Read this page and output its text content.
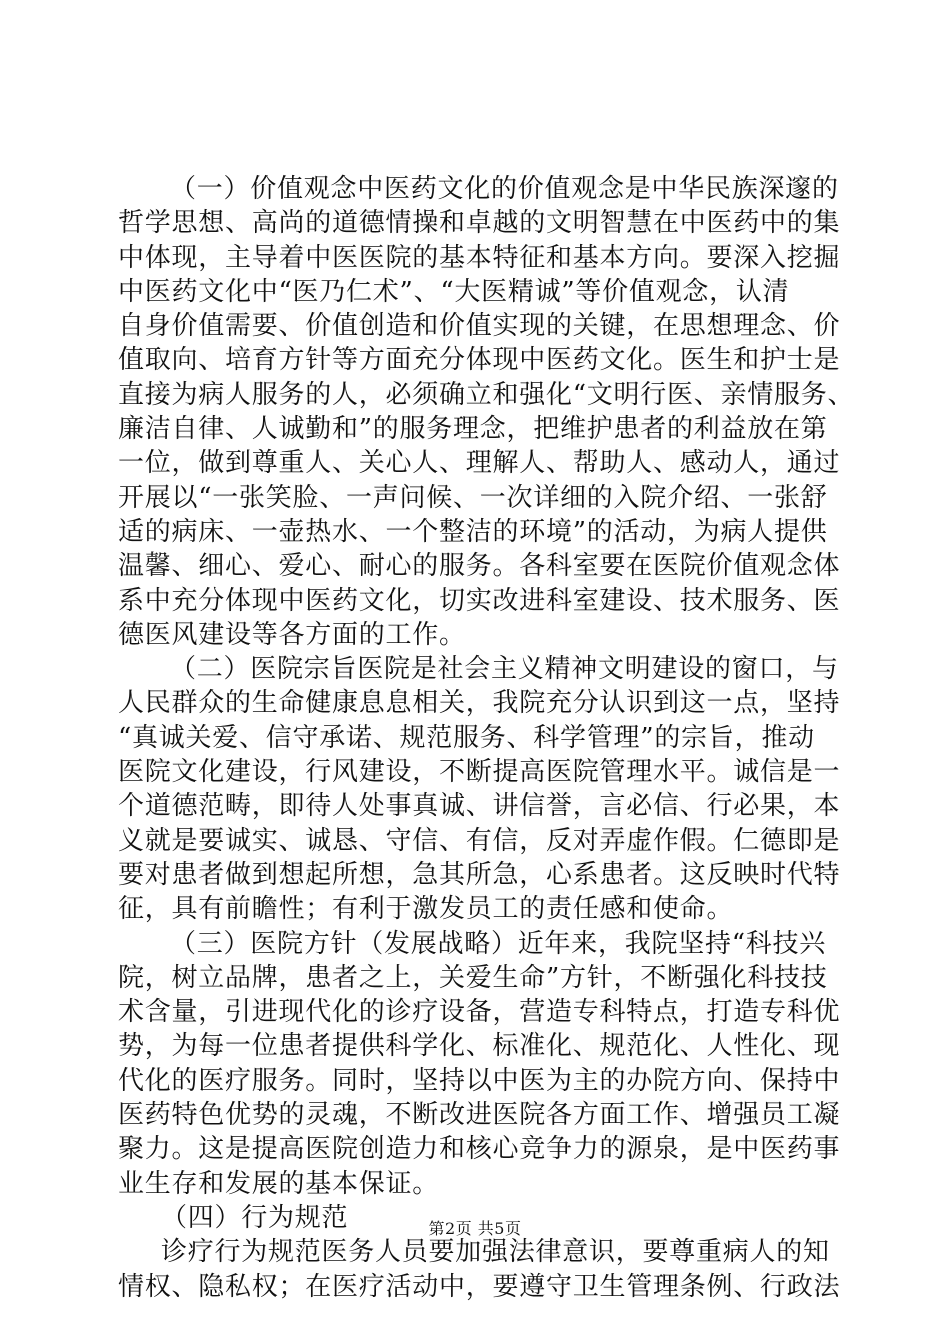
（一）价值观念中医药文化的价值观念是中华民族深邃的
哲学思想、高尚的道德情操和卓越的文明智慧在中医药中的集
中体现，主导着中医医院的基本特征和基本方向。要深入挖掘
中医药文化中“医乃仁术”、“大医精诚”等价值观念，认清
自身价值需要、价值创造和价值实现的关键，在思想理念、价
值取向、培育方针等方面充分体现中医药文化。医生和护士是
直接为病人服务的人，必须确立和强化“文明行医、亲情服务、
廉洁自律、人诚勤和”的服务理念，把维护患者的利益放在第
一位，做到尊重人、关心人、理解人、帮助人、感动人，通过
开展以“一张笑脸、一声问候、一次详细的入院介绍、一张舒
适的病床、一壶热水、一个整洁的环境”的活动，为病人提供
温馨、细心、爱心、耐心的服务。各科室要在医院价值观念体
系中充分体现中医药文化，切实改进科室建设、技术服务、医
德医风建设等各方面的工作。
（二）医院宗旨医院是社会主义精神文明建设的窗口，与
人民群众的生命健康息息相关，我院充分认识到这一点，坚持
“真诚关爱、信守承诺、规范服务、科学管理”的宗旨，推动
医院文化建设，行风建设，不断提高医院管理水平。诚信是一
个道德范畴，即待人处事真诚、讲信誉，言必信、行必果，本
义就是要诚实、诚恳、守信、有信，反对弄虚作假。仁德即是
要对患者做到想起所想，急其所急，心系患者。这反映时代特
征，具有前瞻性；有利于激发员工的责任感和使命。
（三）医院方针（发展战略）近年来，我院坚持“科技兴
院，树立品牌，患者之上，关爱生命”方针，不断强化科技技
术含量，引进现代化的诊疗设备，营造专科特点，打造专科优
势，为每一位患者提供科学化、标准化、规范化、人性化、现
代化的医疗服务。同时，坚持以中医为主的办院方向、保持中
医药特色优势的灵魂，不断改进医院各方面工作、增强员工凝
聚力。这是提高医院创造力和核心竞争力的源泉，是中医药事
业生存和发展的基本保证。
（四）行为规范
诊疗行为规范医务人员要加强法律意识，要尊重病人的知
情权、隐私权；在医疗活动中，要遵守卫生管理条例、行政法
第2页 共5页
